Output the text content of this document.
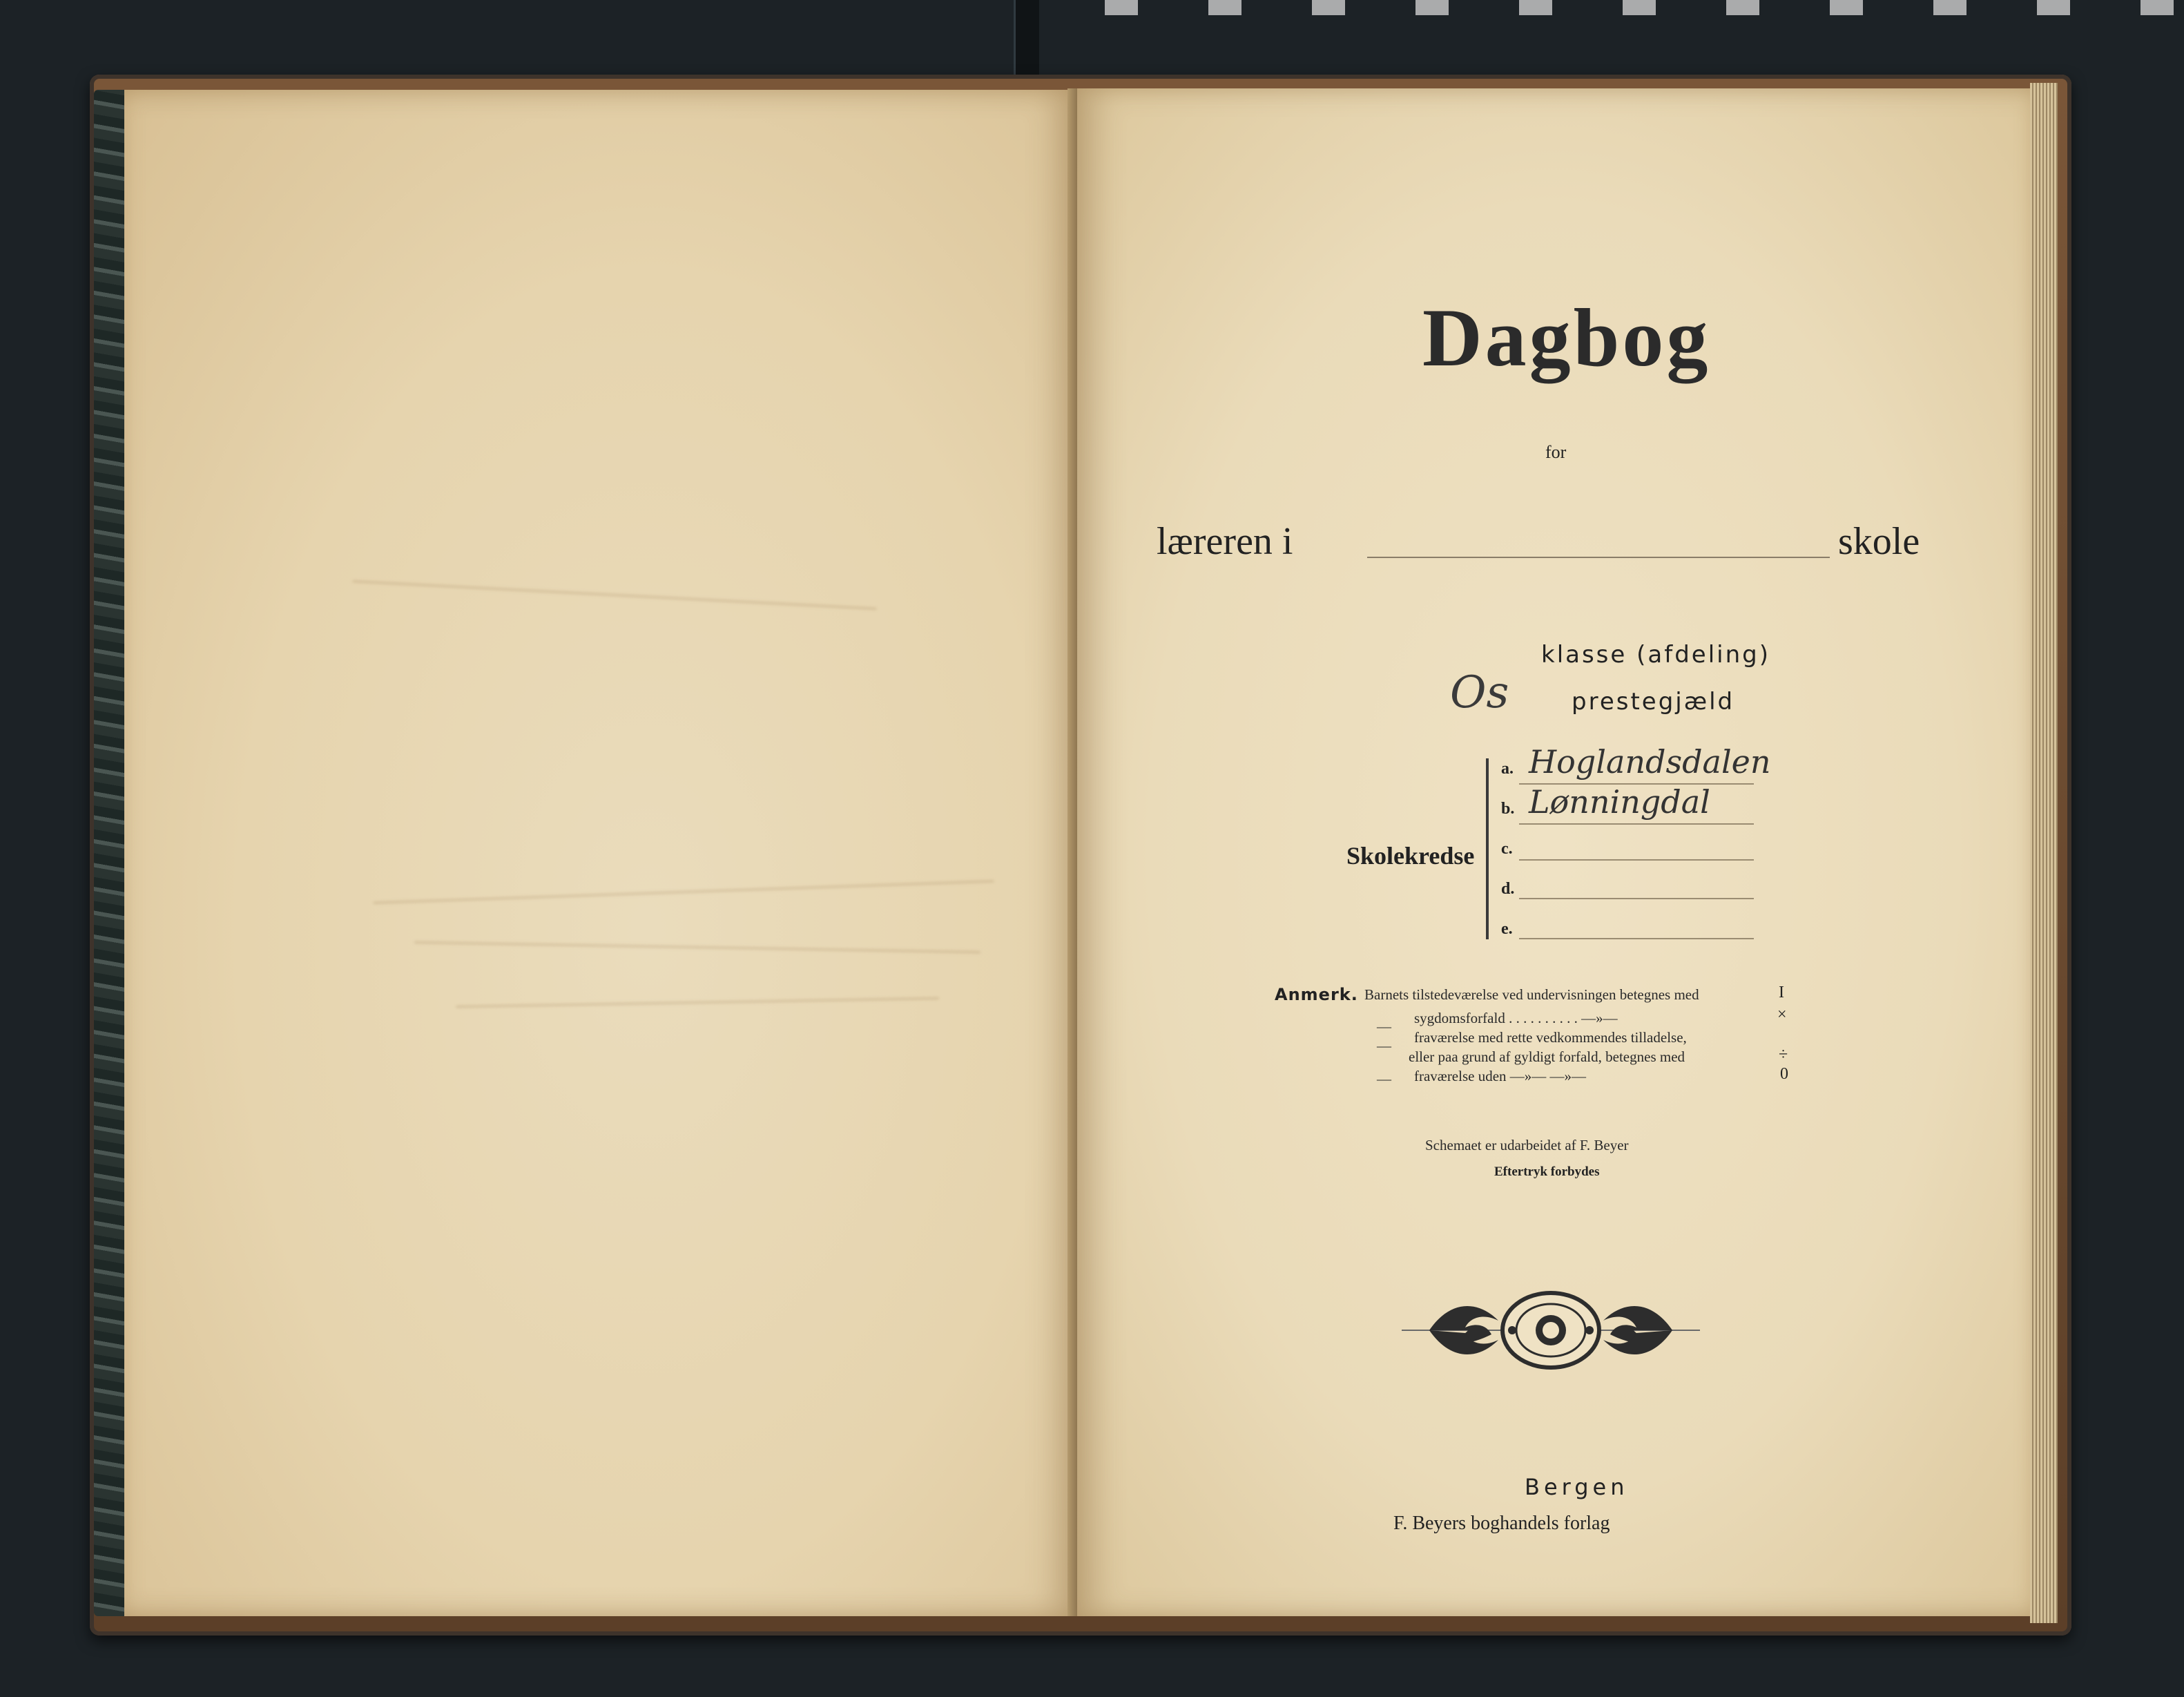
Dagbog
for
læreren i	skole
klasse (afdeling)
Os	prestegjæld
Skolekredse
a. Hoglandsdalen
b. Lønningdal
c.
d.
e.
Anmerk.
—
—
—
Barnets tilstedeværelse ved undervisningen betegnes med
sygdomsforfald . . . . . . . . . . —»—
fraværelse med rette vedkommendes tilladelse,
eller paa grund af gyldigt forfald, betegnes med
fraværelse uden —»— —»—
I
×
÷
0
Schemaet er udarbeidet af F. Beyer
Eftertryk forbydes
Bergen
F. Beyers boghandels forlag
